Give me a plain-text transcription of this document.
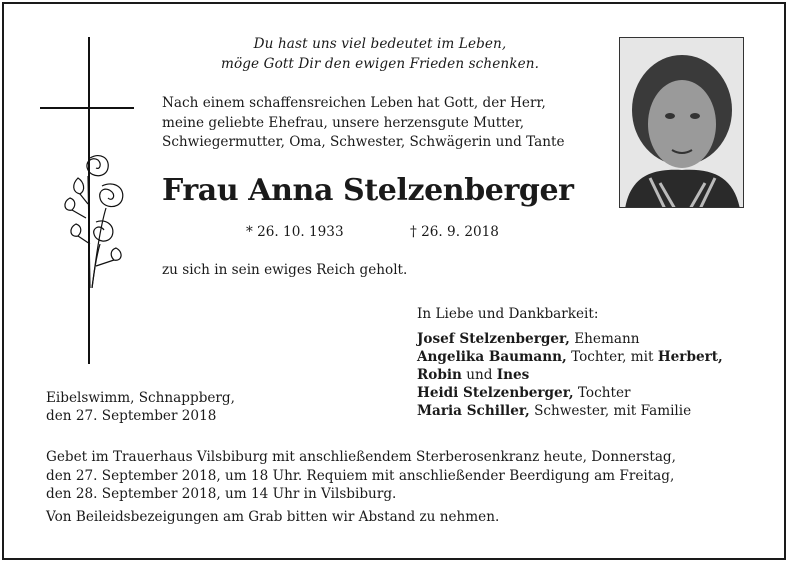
Du hast uns viel bedeutet im Leben,
möge Gott Dir den ewigen Frieden schenken.
Nach einem schaffensreichen Leben hat Gott, der Herr,
meine geliebte Ehefrau, unsere herzensgute Mutter,
Schwiegermutter, Oma, Schwester, Schwägerin und Tante
Frau Anna Stelzenberger
* 26. 10. 1933	† 26. 9. 2018
zu sich in sein ewiges Reich geholt.
In Liebe und Dankbarkeit:
Josef Stelzenberger, Ehemann
Angelika Baumann, Tochter, mit Herbert,
Robin und Ines
Heidi Stelzenberger, Tochter
Maria Schiller, Schwester, mit Familie
Eibelswimm, Schnappberg,
den 27. September 2018
Gebet im Trauerhaus Vilsbiburg mit anschließendem Sterberosenkranz heute, Donnerstag,
den 27. September 2018, um 18 Uhr. Requiem mit anschließender Beerdigung am Freitag,
den 28. September 2018, um 14 Uhr in Vilsbiburg.
Von Beileidsbezeigungen am Grab bitten wir Abstand zu nehmen.
